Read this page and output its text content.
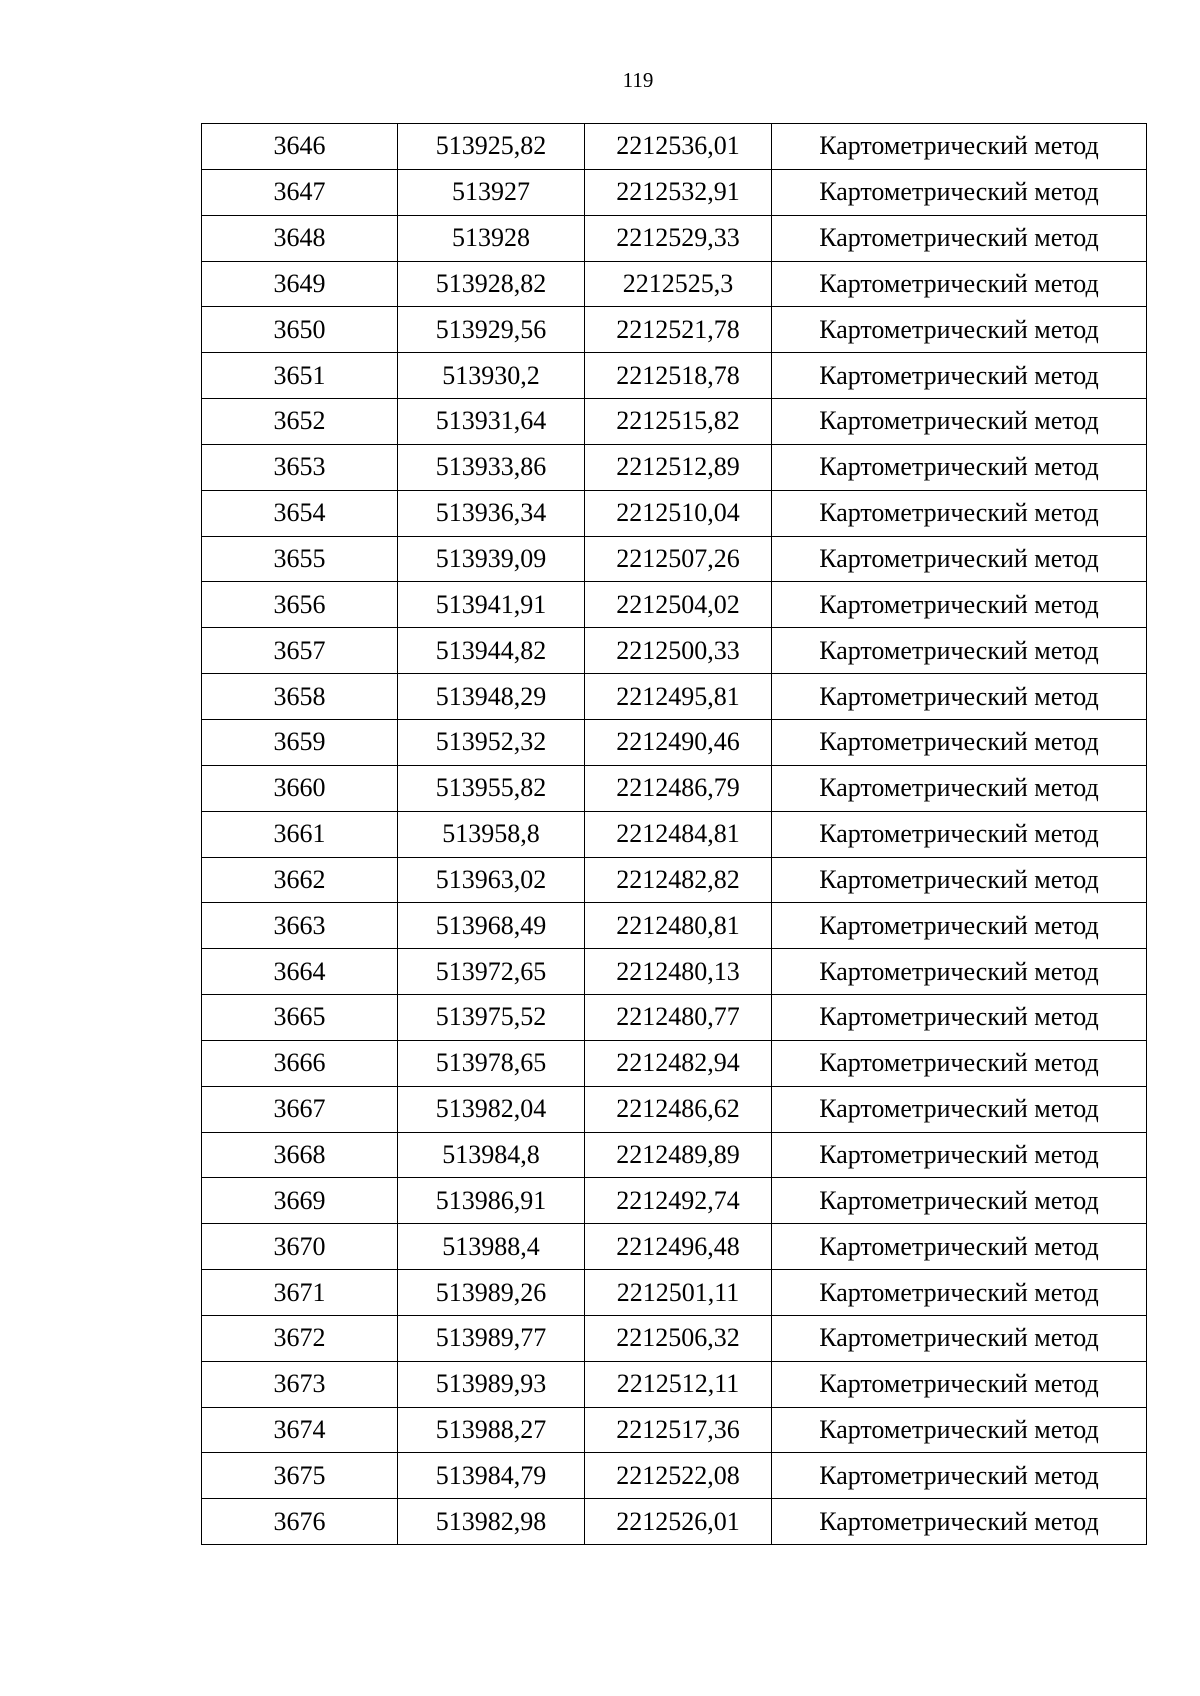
119
3646	513925,82	2212536,01	Картометрический метод
3647	513927	2212532,91	Картометрический метод
3648	513928	2212529,33	Картометрический метод
3649	513928,82	2212525,3	Картометрический метод
3650	513929,56	2212521,78	Картометрический метод
3651	513930,2	2212518,78	Картометрический метод
3652	513931,64	2212515,82	Картометрический метод
3653	513933,86	2212512,89	Картометрический метод
3654	513936,34	2212510,04	Картометрический метод
3655	513939,09	2212507,26	Картометрический метод
3656	513941,91	2212504,02	Картометрический метод
3657	513944,82	2212500,33	Картометрический метод
3658	513948,29	2212495,81	Картометрический метод
3659	513952,32	2212490,46	Картометрический метод
3660	513955,82	2212486,79	Картометрический метод
3661	513958,8	2212484,81	Картометрический метод
3662	513963,02	2212482,82	Картометрический метод
3663	513968,49	2212480,81	Картометрический метод
3664	513972,65	2212480,13	Картометрический метод
3665	513975,52	2212480,77	Картометрический метод
3666	513978,65	2212482,94	Картометрический метод
3667	513982,04	2212486,62	Картометрический метод
3668	513984,8	2212489,89	Картометрический метод
3669	513986,91	2212492,74	Картометрический метод
3670	513988,4	2212496,48	Картометрический метод
3671	513989,26	2212501,11	Картометрический метод
3672	513989,77	2212506,32	Картометрический метод
3673	513989,93	2212512,11	Картометрический метод
3674	513988,27	2212517,36	Картометрический метод
3675	513984,79	2212522,08	Картометрический метод
3676	513982,98	2212526,01	Картометрический метод
